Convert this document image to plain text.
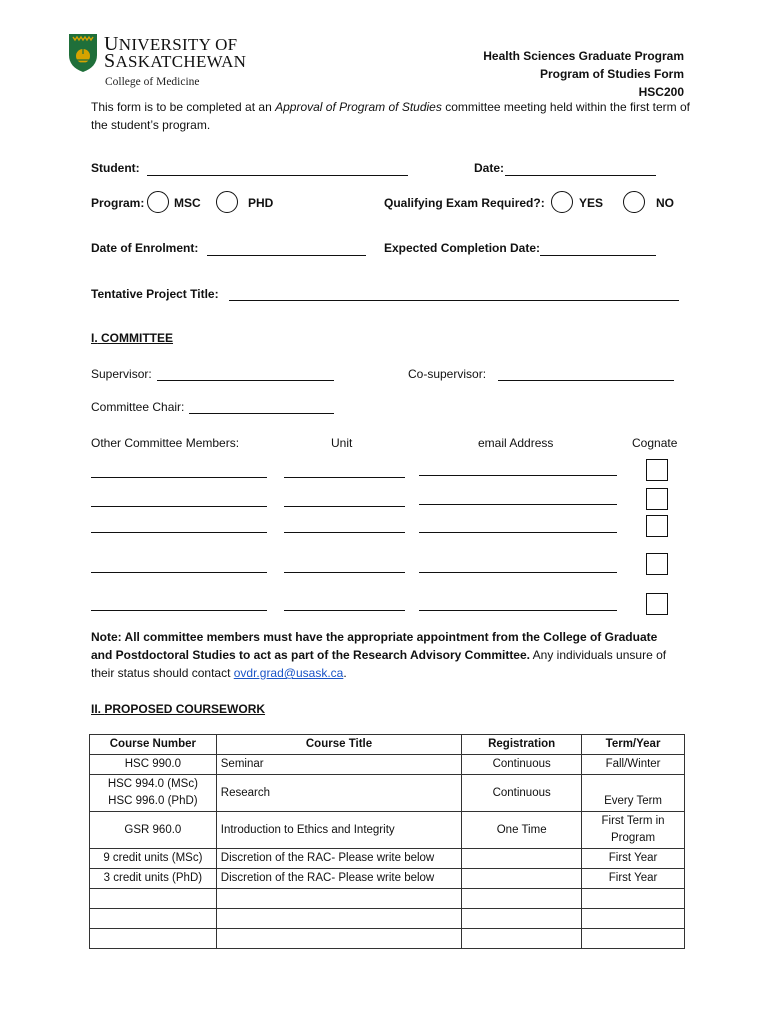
UNIVERSITY OF
SASKATCHEWAN
College of Medicine
Health Sciences Graduate Program
Program of Studies Form
HSC200
This form is to be completed at an Approval of Program of Studies committee meeting held within the first term of the student’s program.
Student:	Date:
Program: MSC	PHD	Qualifying Exam Required?:	YES	NO
Date of Enrolment:	Expected Completion Date:
Tentative Project Title:
I. COMMITTEE
Supervisor:	Co-supervisor:
Committee Chair:
Other Committee Members:	Unit	email Address	Cognate
Note: All committee members must have the appropriate appointment from the College of Graduate and Postdoctoral Studies to act as part of the Research Advisory Committee. Any individuals unsure of their status should contact ovdr.grad@usask.ca.
II. PROPOSED COURSEWORK
Course Number	Course Title	Registration	Term/Year
HSC 990.0	Seminar	Continuous	Fall/Winter

HSC 994.0 (MSc)
HSC 996.0 (PhD)	Research	Continuous	Every Term
GSR 960.0	Introduction to Ethics and Integrity	One Time	First Term in Program
9 credit units (MSc)	Discretion of the RAC- Please write below		First Year
3 credit units (PhD)	Discretion of the RAC- Please write below		First Year
